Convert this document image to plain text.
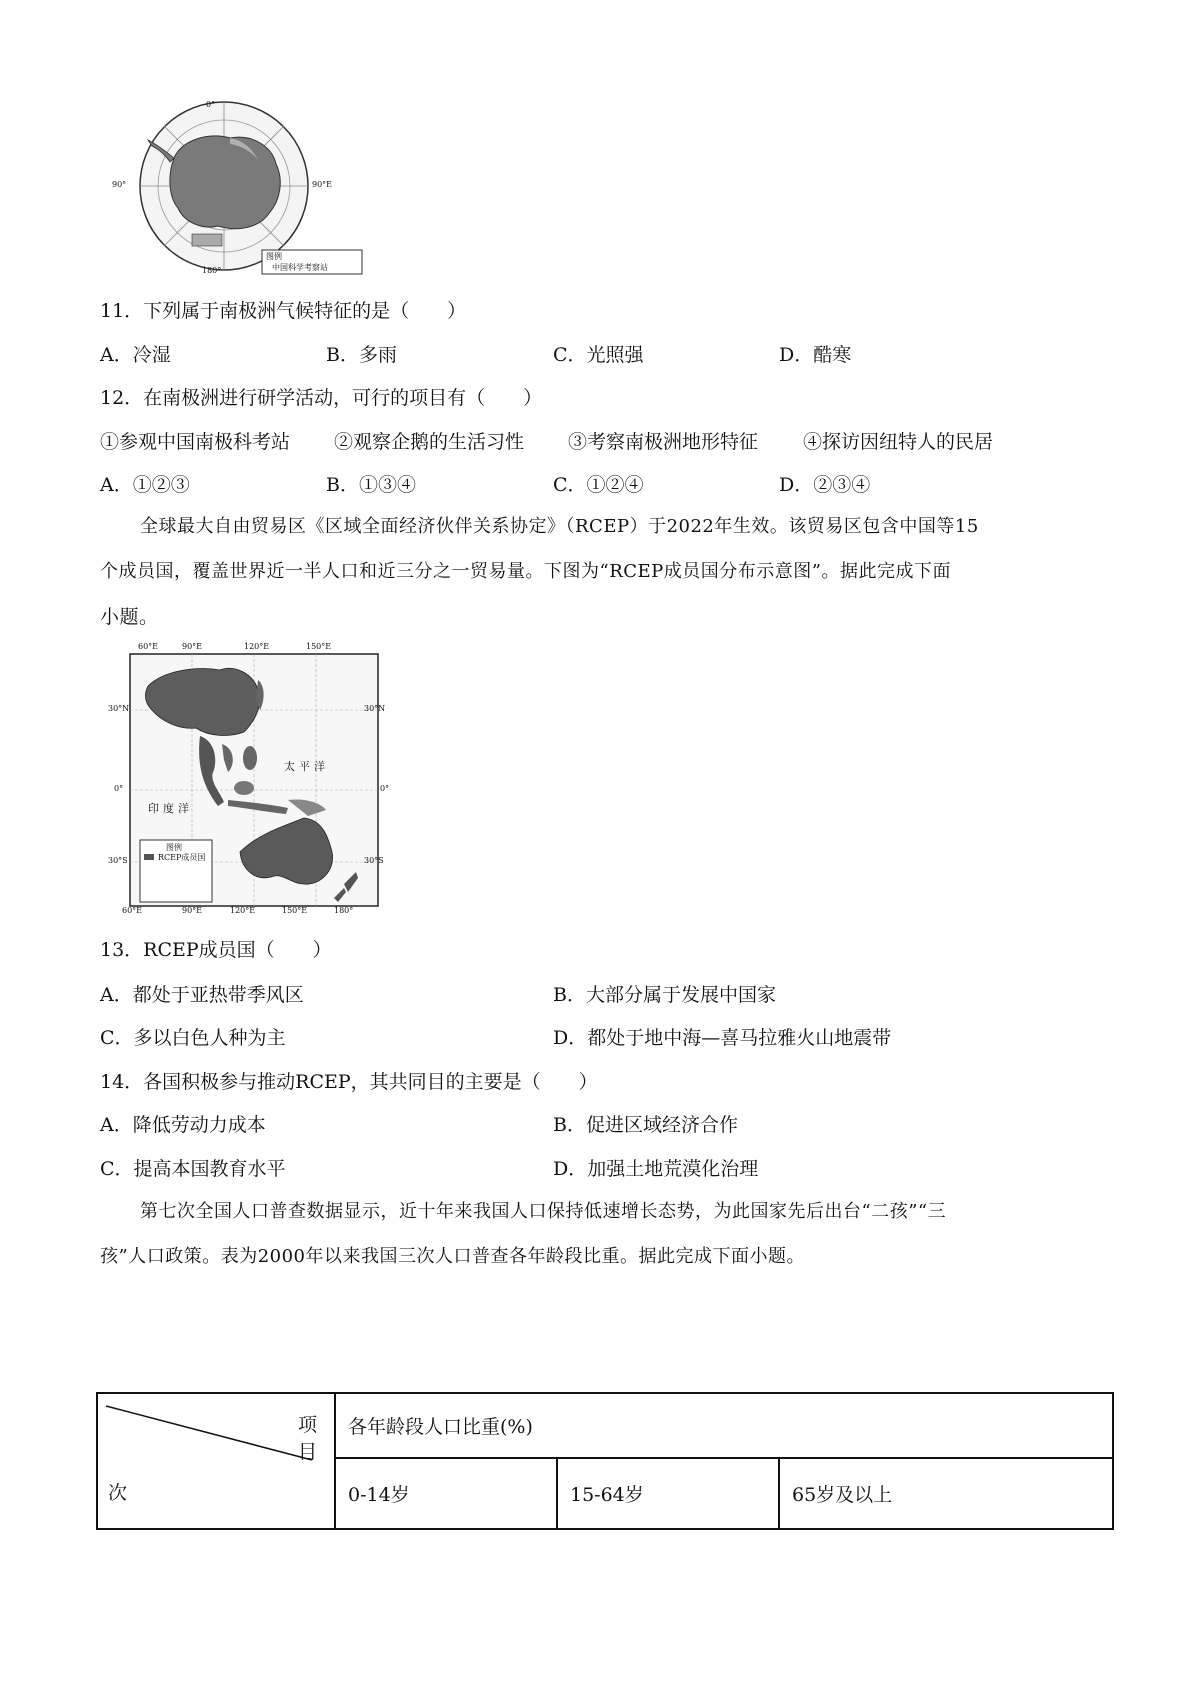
0°
90°	90°E
180°
图例
中国科学考察站
11．下列属于南极洲气候特征的是（　　）
A．冷湿	B．多雨	C．光照强	D．酷寒
12．在南极洲进行研学活动，可行的项目有（　　）
①参观中国南极科考站 ②观察企鹅的生活习性 ③考察南极洲地形特征 ④探访因纽特人的民居
A．①②③	B．①③④	C．①②④	D．②③④
全球最大自由贸易区《区域全面经济伙伴关系协定》（RCEP）于2022年生效。该贸易区包含中国等15
个成员国，覆盖世界近一半人口和近三分之一贸易量。下图为“RCEP成员国分布示意图”。据此完成下面
小题。
60°E	90°E	120°E	150°E
60°E	90°E	120°E	150°E	180°
30°N
0°
30°S
30°N
0°
30°S
太平洋
印度洋
图例
RCEP成员国
13．RCEP成员国（　　）
A．都处于亚热带季风区	B．大部分属于发展中国家
C．多以白色人种为主	D．都处于地中海—喜马拉雅火山地震带
14．各国积极参与推动RCEP，其共同目的主要是（　　）
A．降低劳动力成本	B．促进区域经济合作
C．提高本国教育水平	D．加强土地荒漠化治理
第七次全国人口普查数据显示，近十年来我国人口保持低速增长态势，为此国家先后出台“二孩”“三
孩”人口政策。表为2000年以来我国三次人口普查各年龄段比重。据此完成下面小题。
项目
次	各年龄段人口比重(%)		
	0-14岁	15-64岁	65岁及以上
